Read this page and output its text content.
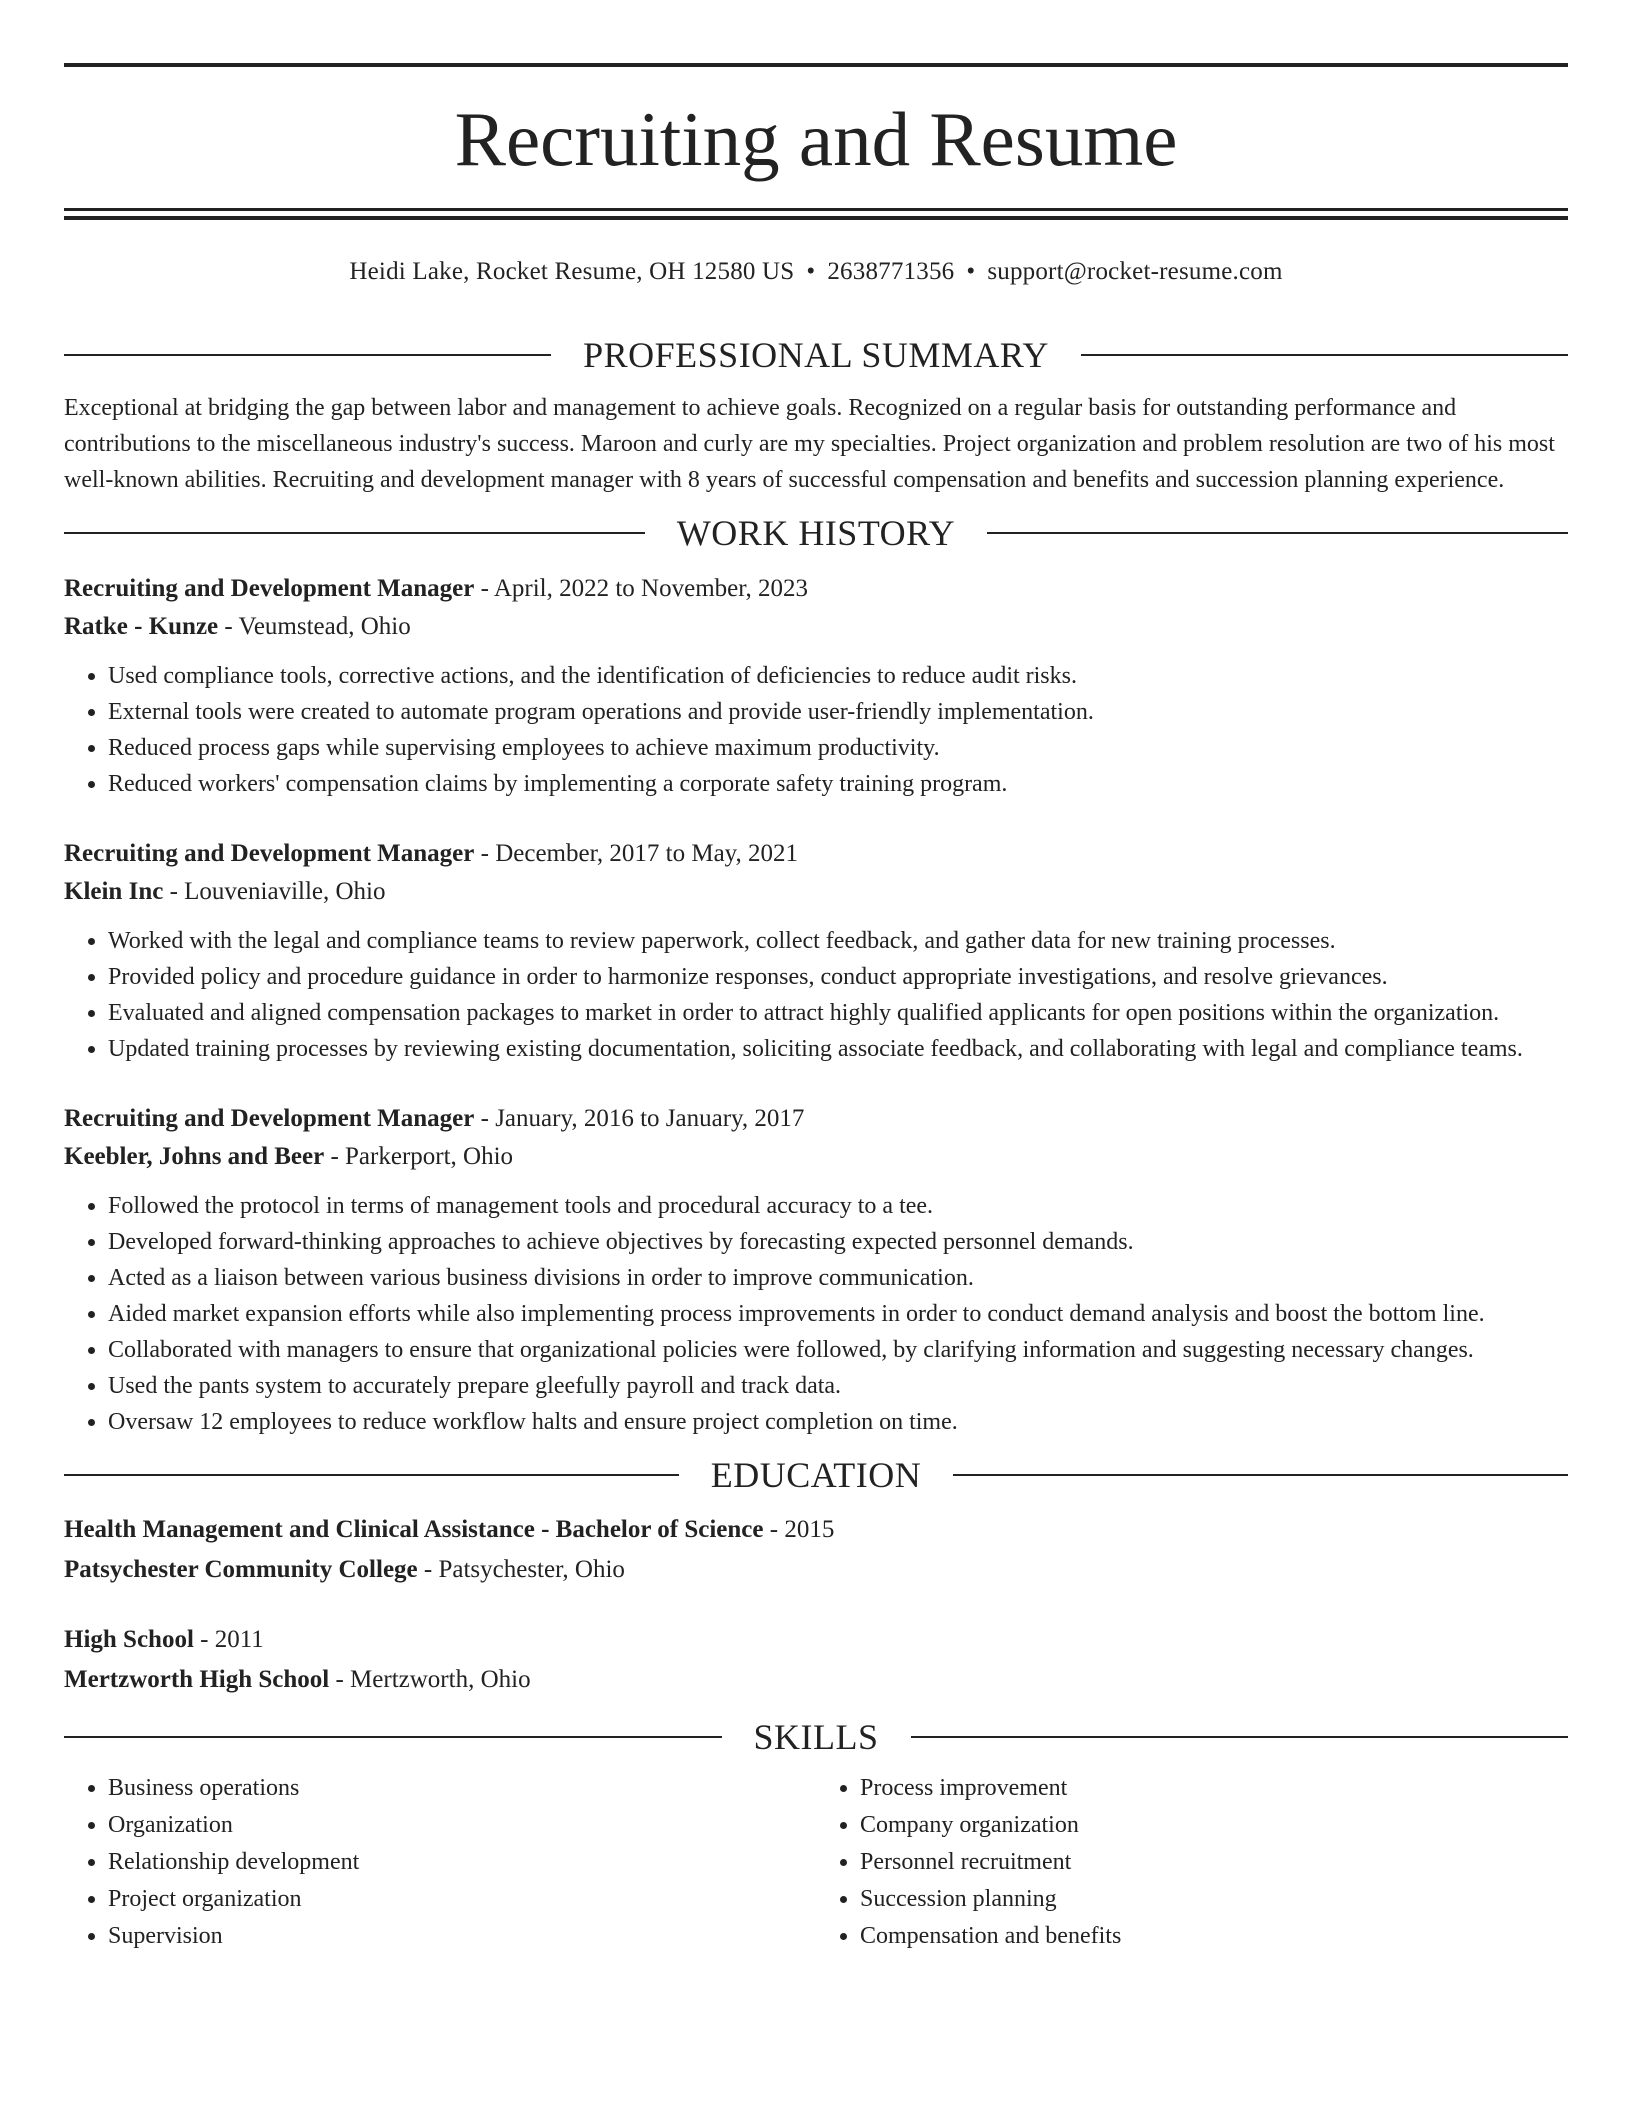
Recruiting and Resume
Heidi Lake, Rocket Resume, OH 12580 US • 2638771356 • support@rocket-resume.com
PROFESSIONAL SUMMARY

Exceptional at bridging the gap between labor and management to achieve goals. Recognized on a regular basis for outstanding performance and contributions to the miscellaneous industry's success. Maroon and curly are my specialties. Project organization and problem resolution are two of his most well-known abilities. Recruiting and development manager with 8 years of successful compensation and benefits and succession planning experience.

WORK HISTORY
Recruiting and Development Manager - April, 2022 to November, 2023
Ratke - Kunze - Veumstead, Ohio
• Used compliance tools, corrective actions, and the identification of deficiencies to reduce audit risks.
• External tools were created to automate program operations and provide user-friendly implementation.
• Reduced process gaps while supervising employees to achieve maximum productivity.
• Reduced workers' compensation claims by implementing a corporate safety training program.
Recruiting and Development Manager - December, 2017 to May, 2021
Klein Inc - Louveniaville, Ohio
• Worked with the legal and compliance teams to review paperwork, collect feedback, and gather data for new training processes.
• Provided policy and procedure guidance in order to harmonize responses, conduct appropriate investigations, and resolve grievances.
• Evaluated and aligned compensation packages to market in order to attract highly qualified applicants for open positions within the organization.
• Updated training processes by reviewing existing documentation, soliciting associate feedback, and collaborating with legal and compliance teams.
Recruiting and Development Manager - January, 2016 to January, 2017
Keebler, Johns and Beer - Parkerport, Ohio
• Followed the protocol in terms of management tools and procedural accuracy to a tee.
• Developed forward-thinking approaches to achieve objectives by forecasting expected personnel demands.
• Acted as a liaison between various business divisions in order to improve communication.
• Aided market expansion efforts while also implementing process improvements in order to conduct demand analysis and boost the bottom line.
• Collaborated with managers to ensure that organizational policies were followed, by clarifying information and suggesting necessary changes.
• Used the pants system to accurately prepare gleefully payroll and track data.
• Oversaw 12 employees to reduce workflow halts and ensure project completion on time.
EDUCATION
Health Management and Clinical Assistance - Bachelor of Science - 2015
Patsychester Community College - Patsychester, Ohio
High School - 2011
Mertzworth High School - Mertzworth, Ohio
SKILLS
• Business operations
• Organization
• Relationship development
• Project organization
• Supervision
• Process improvement
• Company organization
• Personnel recruitment
• Succession planning
• Compensation and benefits
